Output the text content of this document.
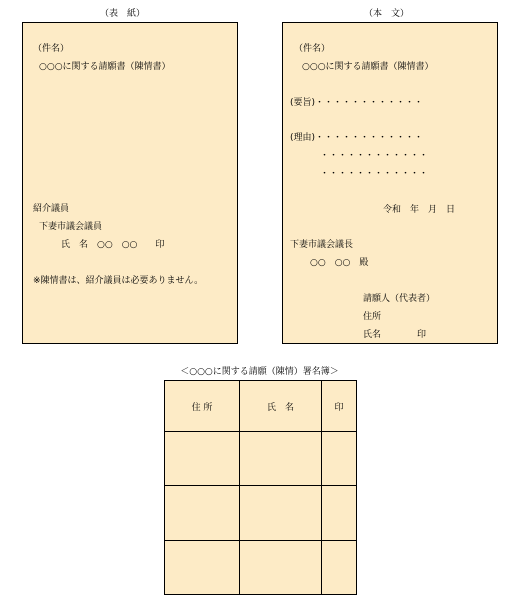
（表　紙）
（件名）
○○○に関する請願書（陳情書）
紹介議員
下妻市議会議員
氏　名　○○　○○　　印
※陳情書は、紹介議員は必要ありません。
（本　文）
（件名）
○○○に関する請願書（陳情書）
(要旨)・・・・・・・・・・・・
(理由)・・・・・・・・・・・・
・・・・・・・・・・・・
・・・・・・・・・・・・
令和　年　月　日
下妻市議会議長
○○　○○　殿
請願人（代表者）
住所
氏名　　　　印
＜○○○に関する請願（陳情）署名簿＞
住 所	氏　名	印
